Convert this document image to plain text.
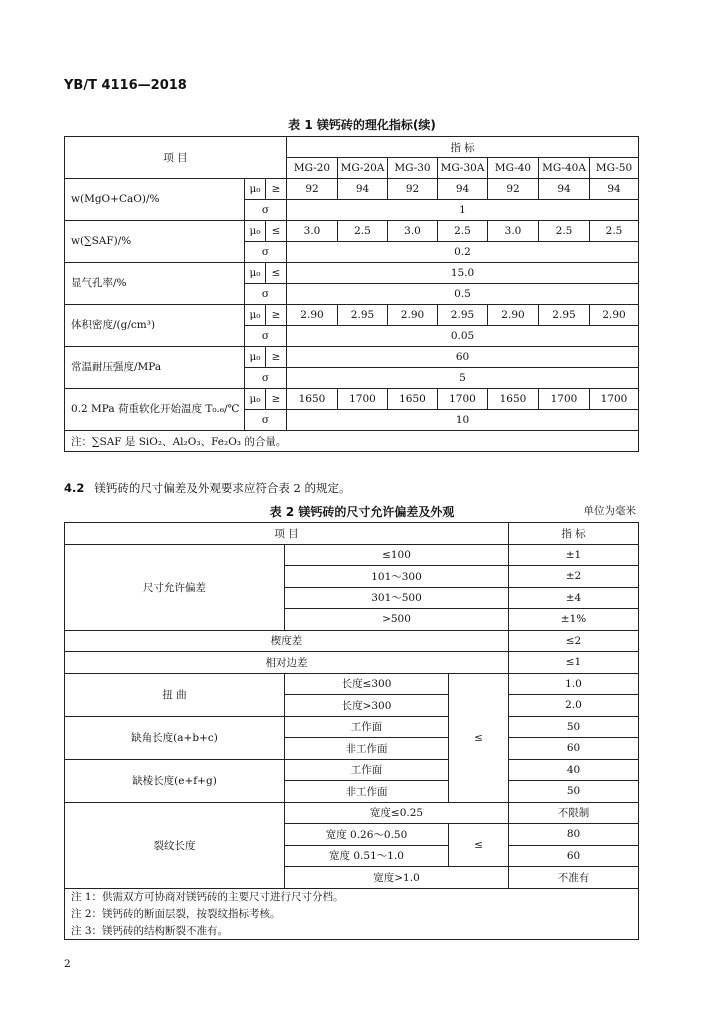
YB/T 4116—2018
表 1 镁钙砖的理化指标(续)
项 目			指 标						
			MG-20	MG-20A	MG-30	MG-30A	MG-40	MG-40A	MG-50
w(MgO+CaO)/%	μ₀	≥	92	94	92	94	92	94	94
	σ		1						
w(∑SAF)/%	μ₀	≤	3.0	2.5	3.0	2.5	3.0	2.5	2.5
	σ		0.2						
显气孔率/%	μ₀	≤	15.0						
	σ		0.5						
体积密度/(g/cm³)	μ₀	≥	2.90	2.95	2.90	2.95	2.90	2.95	2.90
	σ		0.05						
常温耐压强度/MPa	μ₀	≥	60						
	σ		5						
0.2 MPa 荷重软化开始温度 T₀.₆/℃	μ₀	≥	1650	1700	1650	1700	1650	1700	1700
	σ		10						
注：∑SAF 是 SiO₂、Al₂O₃、Fe₂O₃ 的合量。									
4.2 镁钙砖的尺寸偏差及外观要求应符合表 2 的规定。
表 2 镁钙砖的尺寸允许偏差及外观	单位为毫米
项 目			指 标
尺寸允许偏差	≤100		±1
	101～300		±2
	301～500		±4
	>500		±1%
楔度差			≤2
相对边差			≤1
扭 曲	长度≤300	≤	1.0
	长度>300		2.0
缺角长度(a+b+c)	工作面		50
	非工作面		60
缺棱长度(e+f+g)	工作面		40
	非工作面		50
裂纹长度	宽度≤0.25		不限制
	宽度 0.26～0.50	≤	80
	宽度 0.51～1.0		60
	宽度>1.0		不准有
注 1：供需双方可协商对镁钙砖的主要尺寸进行尺寸分档。			
注 2：镁钙砖的断面层裂，按裂纹指标考核。			
注 3：镁钙砖的结构断裂不准有。			
2
